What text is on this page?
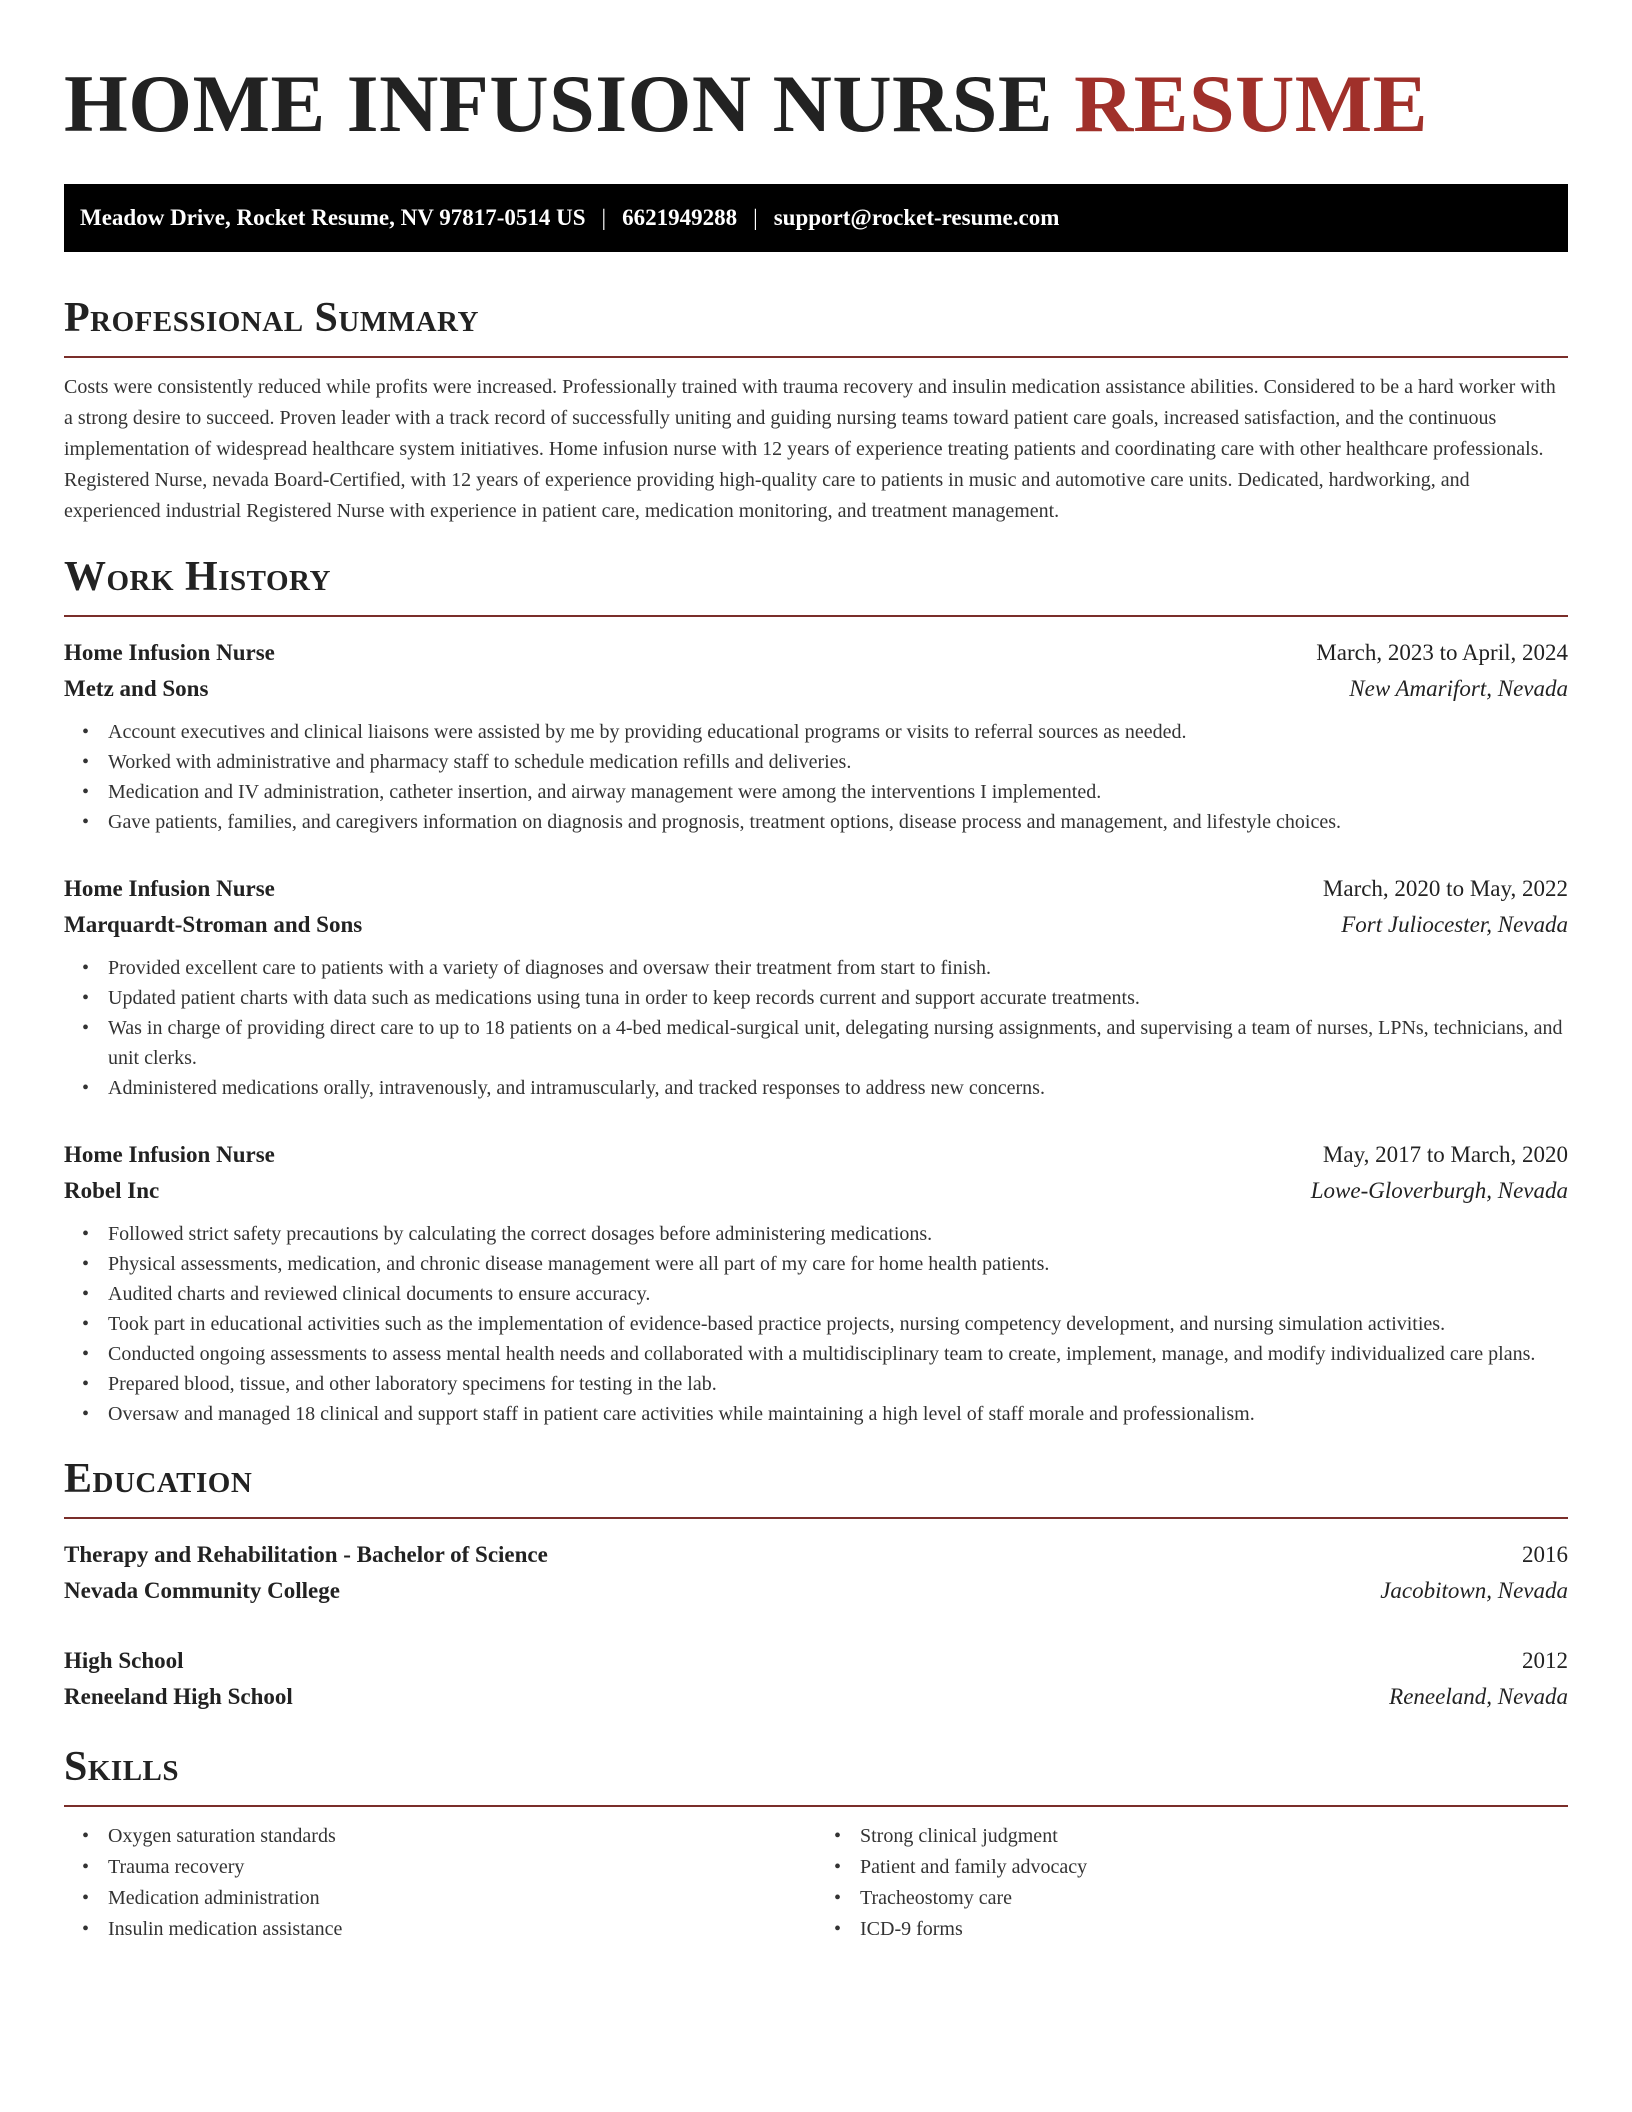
HOME INFUSION NURSE RESUME
Meadow Drive, Rocket Resume, NV 97817-0514 US | 6621949288 | support@rocket-resume.com
Professional Summary

Costs were consistently reduced while profits were increased. Professionally trained with trauma recovery and insulin medication assistance abilities. Considered to be a hard worker with a strong desire to succeed. Proven leader with a track record of successfully uniting and guiding nursing teams toward patient care goals, increased satisfaction, and the continuous implementation of widespread healthcare system initiatives. Home infusion nurse with 12 years of experience treating patients and coordinating care with other healthcare professionals. Registered Nurse, nevada Board-Certified, with 12 years of experience providing high-quality care to patients in music and automotive care units. Dedicated, hardworking, and experienced industrial Registered Nurse with experience in patient care, medication monitoring, and treatment management.

Work History
Home Infusion Nurse	March, 2023 to April, 2024
Metz and Sons	New Amarifort, Nevada
• Account executives and clinical liaisons were assisted by me by providing educational programs or visits to referral sources as needed.
• Worked with administrative and pharmacy staff to schedule medication refills and deliveries.
• Medication and IV administration, catheter insertion, and airway management were among the interventions I implemented.
• Gave patients, families, and caregivers information on diagnosis and prognosis, treatment options, disease process and management, and lifestyle choices.
Home Infusion Nurse	March, 2020 to May, 2022
Marquardt-Stroman and Sons	Fort Juliocester, Nevada
• Provided excellent care to patients with a variety of diagnoses and oversaw their treatment from start to finish.
• Updated patient charts with data such as medications using tuna in order to keep records current and support accurate treatments.
• Was in charge of providing direct care to up to 18 patients on a 4-bed medical-surgical unit, delegating nursing assignments, and supervising a team of nurses, LPNs, technicians, and unit clerks.
• Administered medications orally, intravenously, and intramuscularly, and tracked responses to address new concerns.
Home Infusion Nurse	May, 2017 to March, 2020
Robel Inc	Lowe-Gloverburgh, Nevada
• Followed strict safety precautions by calculating the correct dosages before administering medications.
• Physical assessments, medication, and chronic disease management were all part of my care for home health patients.
• Audited charts and reviewed clinical documents to ensure accuracy.
• Took part in educational activities such as the implementation of evidence-based practice projects, nursing competency development, and nursing simulation activities.
• Conducted ongoing assessments to assess mental health needs and collaborated with a multidisciplinary team to create, implement, manage, and modify individualized care plans.
• Prepared blood, tissue, and other laboratory specimens for testing in the lab.
• Oversaw and managed 18 clinical and support staff in patient care activities while maintaining a high level of staff morale and professionalism.
Education
Therapy and Rehabilitation - Bachelor of Science	2016
Nevada Community College	Jacobitown, Nevada
High School	2012
Reneeland High School	Reneeland, Nevada
Skills
• Oxygen saturation standards
• Trauma recovery
• Medication administration
• Insulin medication assistance
• Strong clinical judgment
• Patient and family advocacy
• Tracheostomy care
• ICD-9 forms
